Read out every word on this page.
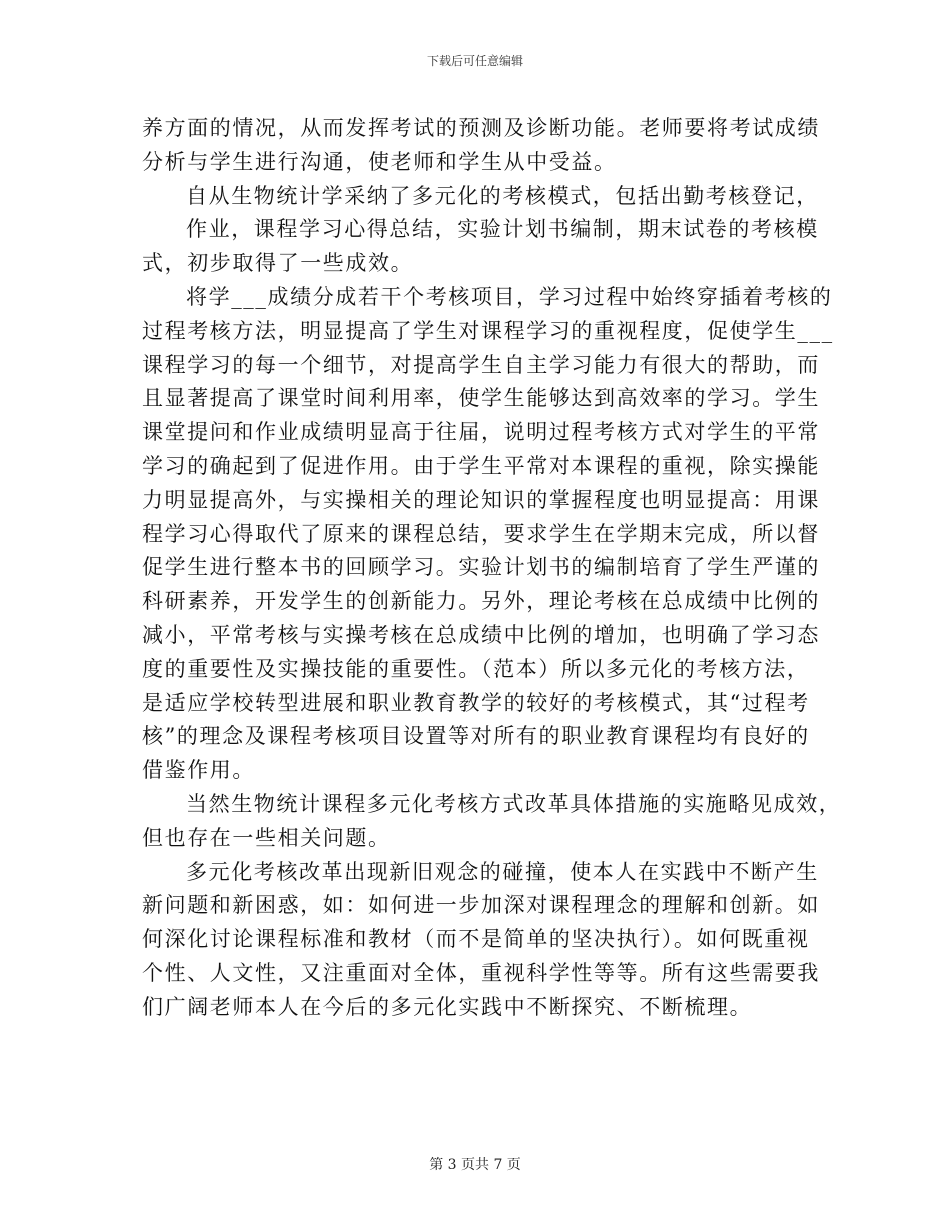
下载后可任意编辑
养方面的情况，从而发挥考试的预测及诊断功能。老师要将考试成绩
分析与学生进行沟通，使老师和学生从中受益。
自从生物统计学采纳了多元化的考核模式，包括出勤考核登记，
作业，课程学习心得总结，实验计划书编制，期末试卷的考核模
式，初步取得了一些成效。
将学___成绩分成若干个考核项目，学习过程中始终穿插着考核的
过程考核方法，明显提高了学生对课程学习的重视程度，促使学生___
课程学习的每一个细节，对提高学生自主学习能力有很大的帮助，而
且显著提高了课堂时间利用率，使学生能够达到高效率的学习。学生
课堂提问和作业成绩明显高于往届，说明过程考核方式对学生的平常
学习的确起到了促进作用。由于学生平常对本课程的重视，除实操能
力明显提高外，与实操相关的理论知识的掌握程度也明显提高：用课
程学习心得取代了原来的课程总结，要求学生在学期末完成，所以督
促学生进行整本书的回顾学习。实验计划书的编制培育了学生严谨的
科研素养，开发学生的创新能力。另外，理论考核在总成绩中比例的
减小，平常考核与实操考核在总成绩中比例的增加，也明确了学习态
度的重要性及实操技能的重要性。（范本）所以多元化的考核方法，
是适应学校转型进展和职业教育教学的较好的考核模式，其“过程考
核”的理念及课程考核项目设置等对所有的职业教育课程均有良好的
借鉴作用。
当然生物统计课程多元化考核方式改革具体措施的实施略见成效，
但也存在一些相关问题。
多元化考核改革出现新旧观念的碰撞，使本人在实践中不断产生
新问题和新困惑，如：如何进一步加深对课程理念的理解和创新。如
何深化讨论课程标准和教材（而不是简单的坚决执行）。如何既重视
个性、人文性，又注重面对全体，重视科学性等等。所有这些需要我
们广阔老师本人在今后的多元化实践中不断探究、不断梳理。
第 3 页共 7 页
